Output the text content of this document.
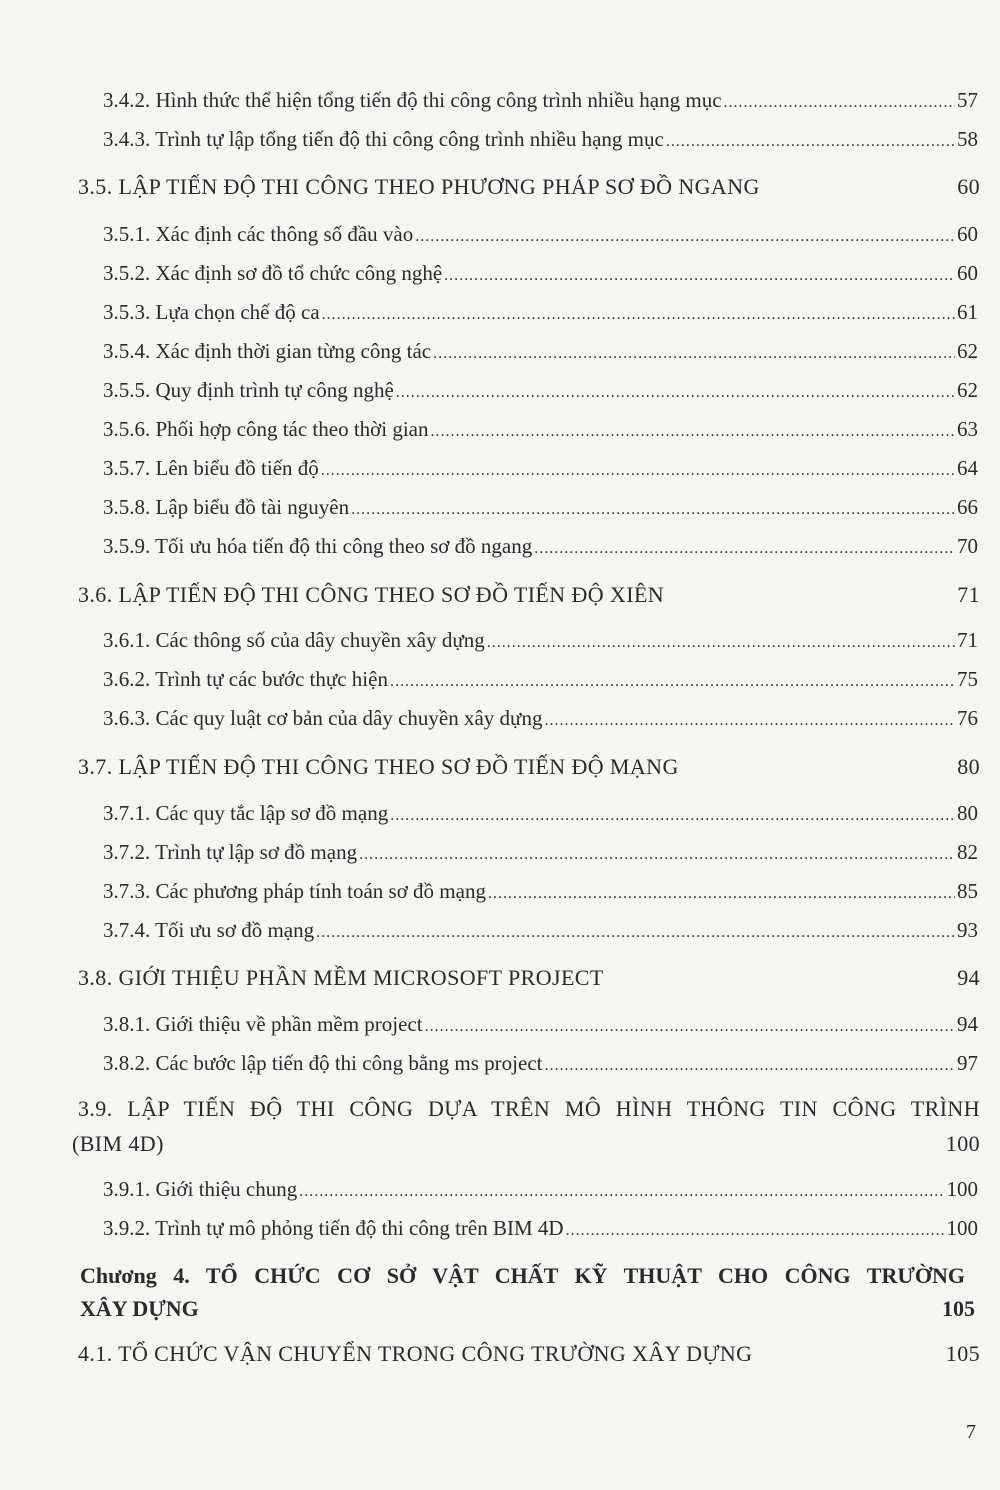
3.4.2. Hình thức thể hiện tổng tiến độ thi công công trình nhiều hạng mục .....	57
3.4.3. Trình tự lập tổng tiến độ thi công công trình nhiều hạng mục .....	58
3.5. LẬP TIẾN ĐỘ THI CÔNG THEO PHƯƠNG PHÁP SƠ ĐỒ NGANG	60
3.5.1. Xác định các thông số đầu vào .....	60
3.5.2. Xác định sơ đồ tổ chức công nghệ .....	60
3.5.3. Lựa chọn chế độ ca .....	61
3.5.4. Xác định thời gian từng công tác .....	62
3.5.5. Quy định trình tự công nghệ .....	62
3.5.6. Phối hợp công tác theo thời gian .....	63
3.5.7. Lên biểu đồ tiến độ .....	64
3.5.8. Lập biểu đồ tài nguyên .....	66
3.5.9. Tối ưu hóa tiến độ thi công theo sơ đồ ngang .....	70
3.6. LẬP TIẾN ĐỘ THI CÔNG THEO SƠ ĐỒ TIẾN ĐỘ XIÊN	71
3.6.1. Các thông số của dây chuyền xây dựng .....	71
3.6.2. Trình tự các bước thực hiện .....	75
3.6.3. Các quy luật cơ bản của dây chuyền xây dựng .....	76
3.7. LẬP TIẾN ĐỘ THI CÔNG THEO SƠ ĐỒ TIẾN ĐỘ MẠNG	80
3.7.1. Các quy tắc lập sơ đồ mạng .....	80
3.7.2. Trình tự lập sơ đồ mạng .....	82
3.7.3. Các phương pháp tính toán sơ đồ mạng .....	85
3.7.4. Tối ưu sơ đồ mạng .....	93
3.8. GIỚI THIỆU PHẦN MỀM MICROSOFT PROJECT	94
3.8.1. Giới thiệu về phần mềm project .....	94
3.8.2. Các bước lập tiến độ thi công bằng ms project .....	97
3.9. LẬP TIẾN ĐỘ THI CÔNG DỰA TRÊN MÔ HÌNH THÔNG TIN CÔNG TRÌNH
(BIM 4D)	100
3.9.1. Giới thiệu chung .....	100
3.9.2. Trình tự mô phỏng tiến độ thi công trên BIM 4D .....	100
Chương 4. TỔ CHỨC CƠ SỞ VẬT CHẤT KỸ THUẬT CHO CÔNG TRƯỜNG
XÂY DỰNG	105
4.1. TỔ CHỨC VẬN CHUYỂN TRONG CÔNG TRƯỜNG XÂY DỰNG	105
7
